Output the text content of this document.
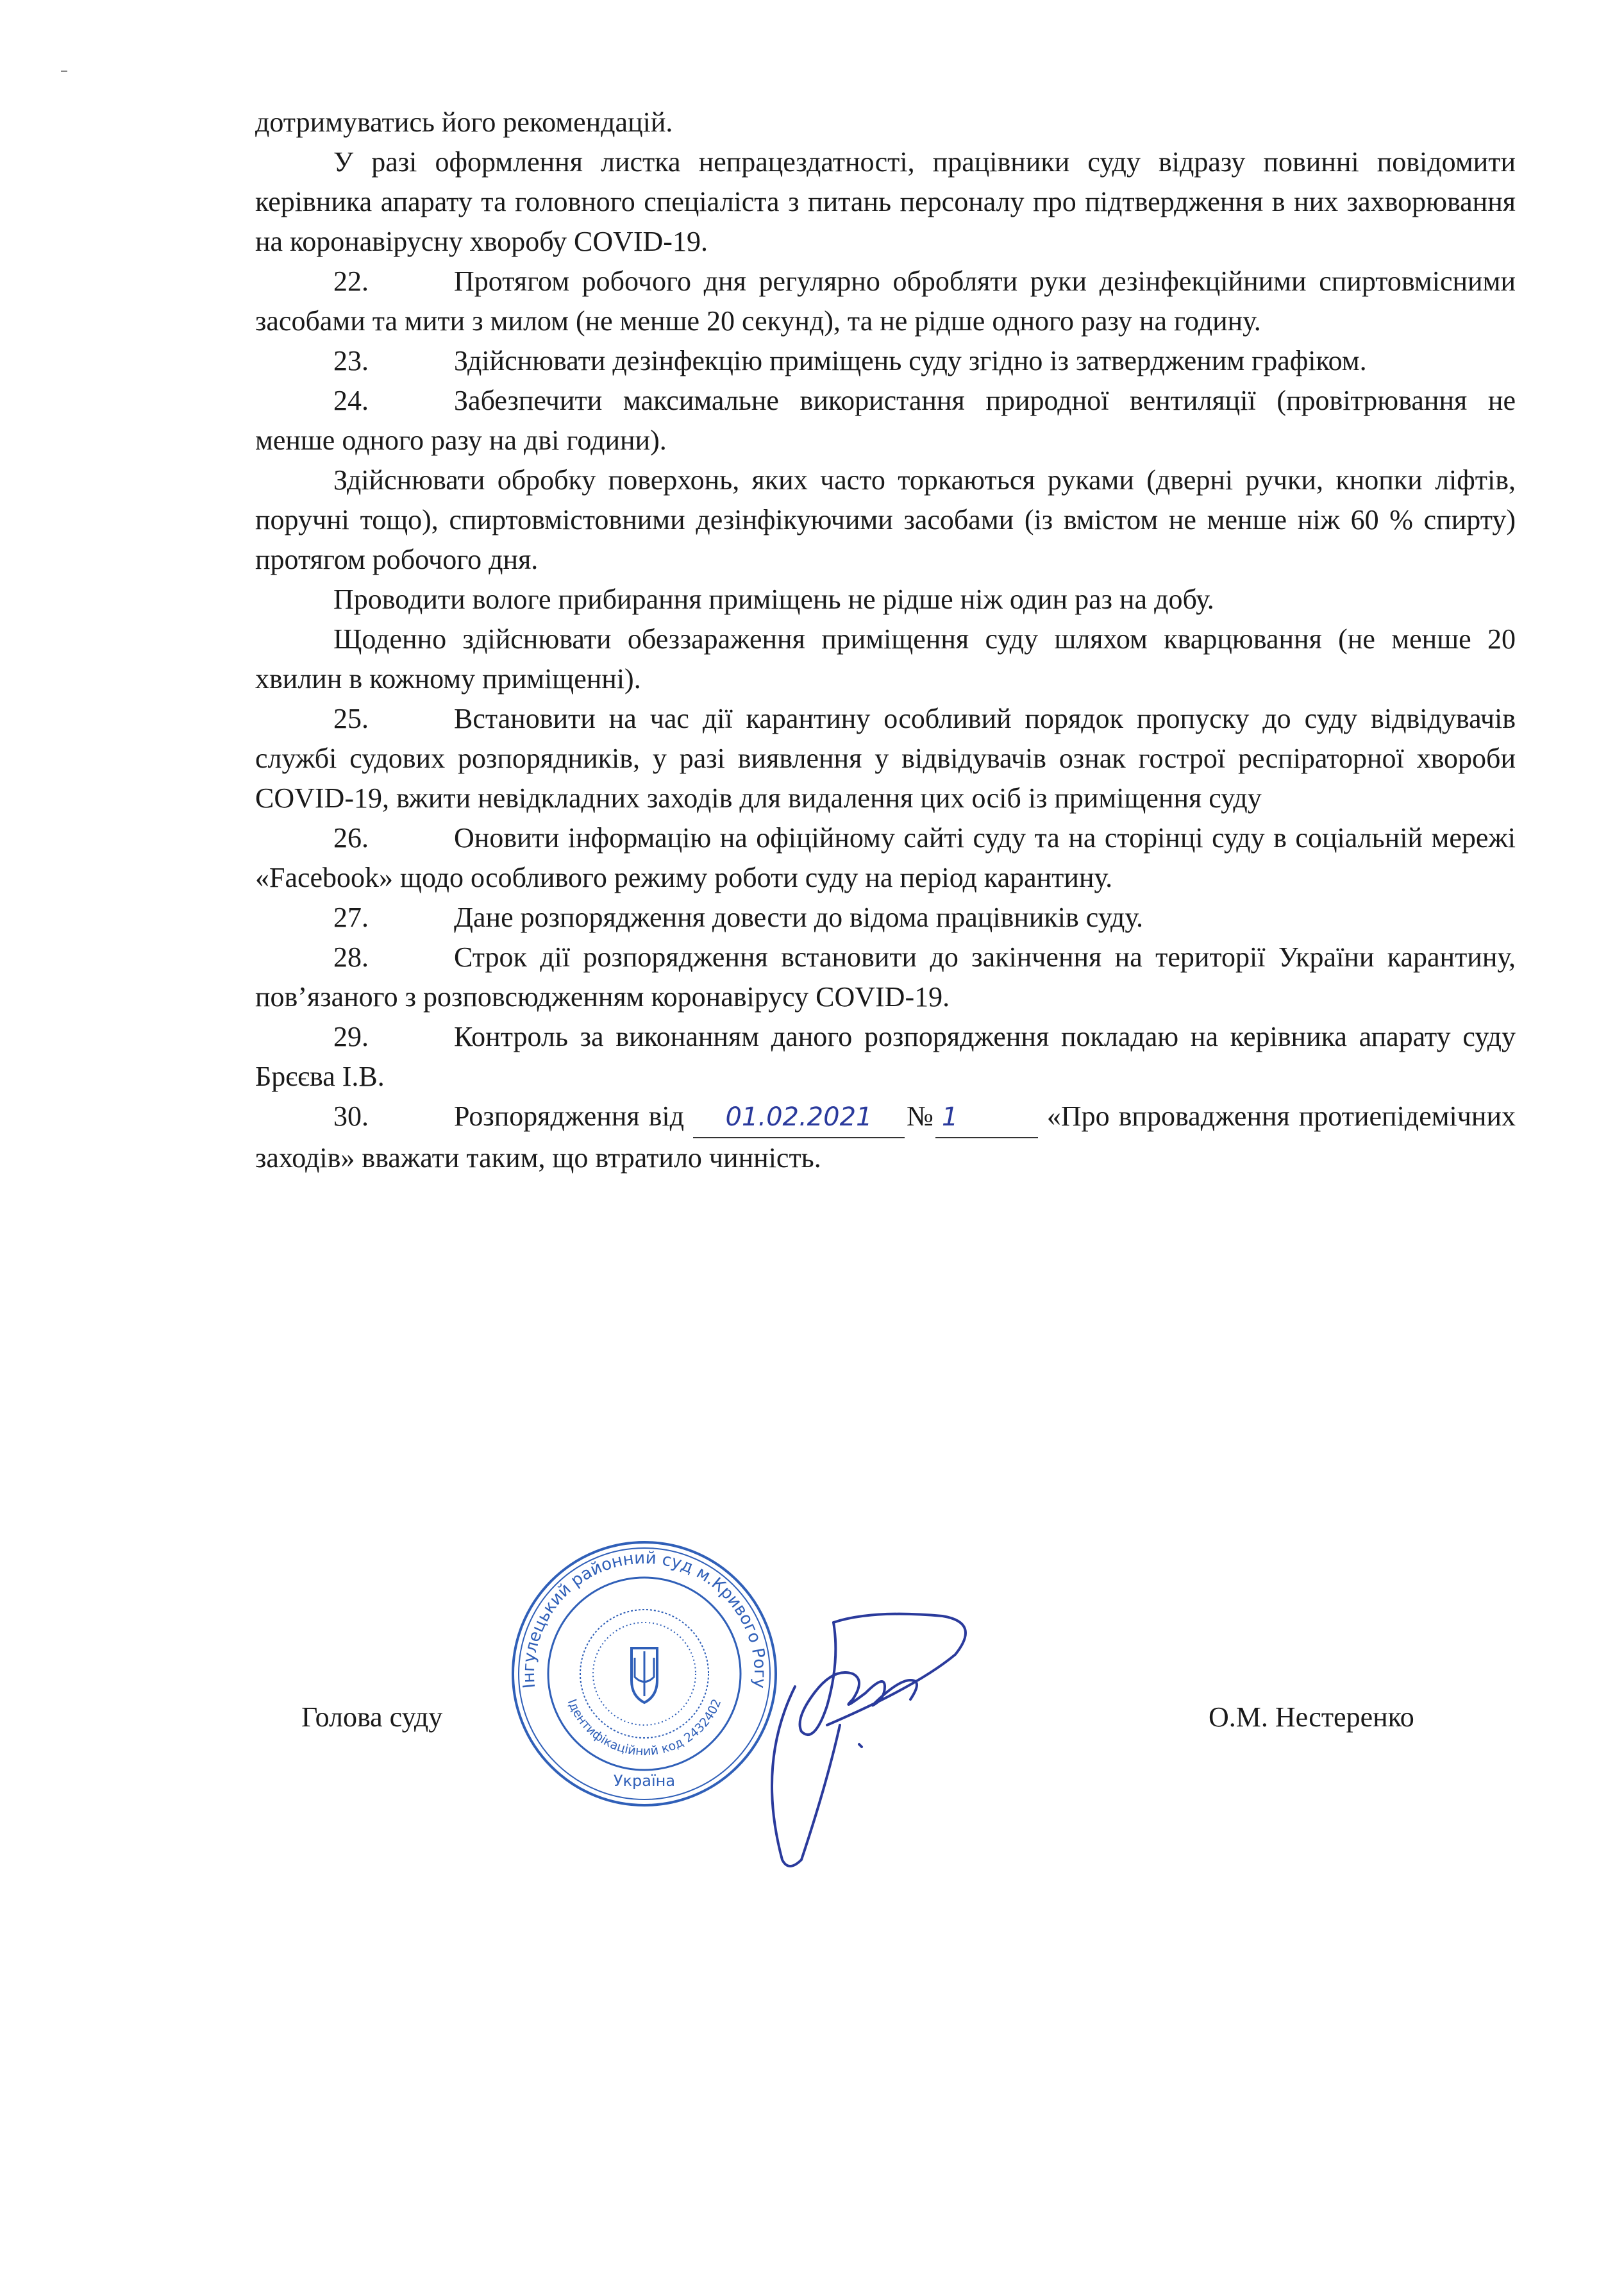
дотримуватись його рекомендацій.

У разі оформлення листка непрацездатності, працівники суду відразу повинні повідомити керівника апарату та головного спеціаліста з питань персоналу про підтвердження в них захворювання на коронавірусну хворобу COVID-19.

22.	Протягом робочого дня регулярно обробляти руки дезінфекційними спиртовмісними засобами та мити з милом (не менше 20 секунд), та не рідше одного разу на годину.

23.	Здійснювати дезінфекцію приміщень суду згідно із затвердженим графіком.

24.	Забезпечити максимальне використання природної вентиляції (провітрювання не менше одного разу на дві години).

Здійснювати обробку поверхонь, яких часто торкаються руками (дверні ручки, кнопки ліфтів, поручні тощо), спиртовмістовними дезінфікуючими засобами (із вмістом не менше ніж 60 % спирту) протягом робочого дня.

Проводити вологе прибирання приміщень не рідше ніж один раз на добу.

Щоденно здійснювати обеззараження приміщення суду шляхом кварцювання (не менше 20 хвилин в кожному приміщенні).

25.	Встановити на час дії карантину особливий порядок пропуску до суду відвідувачів службі судових розпорядників, у разі виявлення у відвідувачів ознак гострої респіраторної хвороби COVID-19, вжити невідкладних заходів для видалення цих осіб із приміщення суду

26.	Оновити інформацію на офіційному сайті суду та на сторінці суду в соціальній мережі «Facebook» щодо особливого режиму роботи суду на період карантину.

27.	Дане розпорядження довести до відома працівників суду.

28.	Строк дії розпорядження встановити до закінчення на території України карантину, пов’язаного з розповсюдженням коронавірусу COVID-19.

29.	Контроль за виконанням даного розпорядження покладаю на керівника апарату суду Брєєва І.В.

30.	Розпорядження від 01.02.2021 № 1	«Про впровадження протиепідемічних заходів» вважати таким, що втратило чинність.

Голова суду	О.М. Нестеренко
Інгулецький районний суд м.Кривого Рогу
Ідентифікаційний код 2432402
Україна
